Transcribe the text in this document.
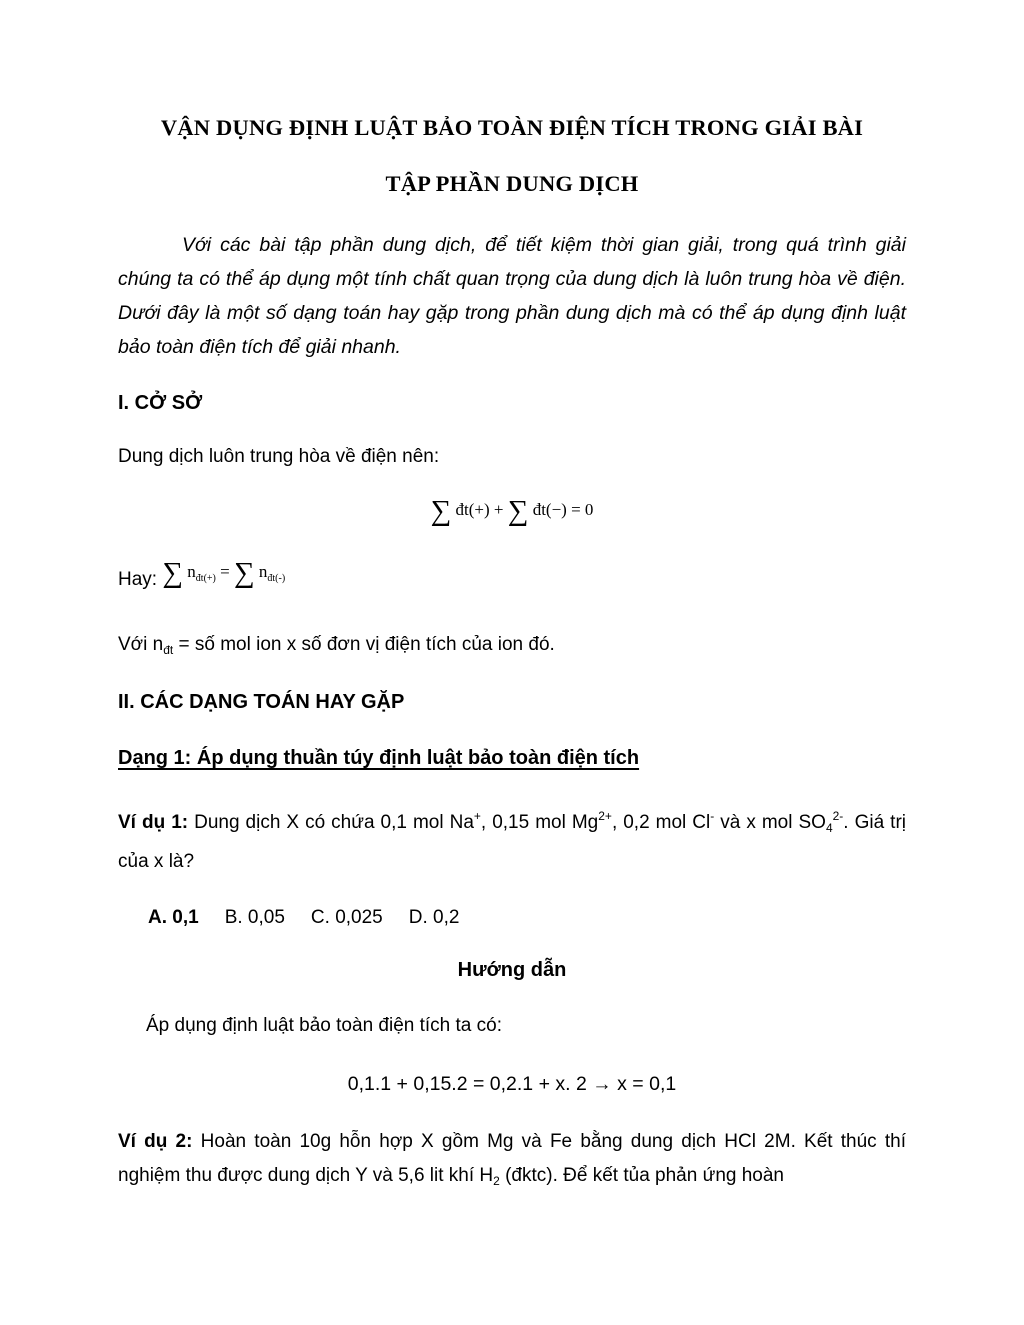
VẬN DỤNG ĐỊNH LUẬT BẢO TOÀN ĐIỆN TÍCH TRONG GIẢI BÀI
TẬP PHẦN DUNG DỊCH

Với các bài tập phần dung dịch, để tiết kiệm thời gian giải, trong quá trình giải chúng ta có thể áp dụng một tính chất quan trọng của dung dịch là luôn trung hòa về điện. Dưới đây là một số dạng toán hay gặp trong phần dung dịch mà có thể áp dụng định luật bảo toàn điện tích để giải nhanh.

I. CỞ SỞ
Dung dịch luôn trung hòa về điện nên:
∑ đt(+) + ∑ đt(−) = 0
Hay: ∑ $n_{đt(+)}$ = ∑ $n_{đt(-)}$
Với $n_{đt}$ = số mol ion x số đơn vị điện tích của ion đó.
II. CÁC DẠNG TOÁN HAY GẶP
Dạng 1: Áp dụng thuần túy định luật bảo toàn điện tích

Ví dụ 1: Dung dịch X có chứa 0,1 mol Na+, 0,15 mol $Mg^{2+}$, 0,2 mol Cl- và x mol $SO_4^{2-}$. Giá trị của x là?

A. 0,1 B. 0,05 C. 0,025 D. 0,2
Hướng dẫn
Áp dụng định luật bảo toàn điện tích ta có:
0,1.1 + 0,15.2 = 0,2.1 + x. 2 → x = 0,1

Ví dụ 2: Hoàn toàn 10g hỗn hợp X gồm Mg và Fe bằng dung dịch HCl 2M. Kết thúc thí nghiệm thu được dung dịch Y và 5,6 lit khí $H_2$ (đktc). Để kết tủa phản ứng hoàn
